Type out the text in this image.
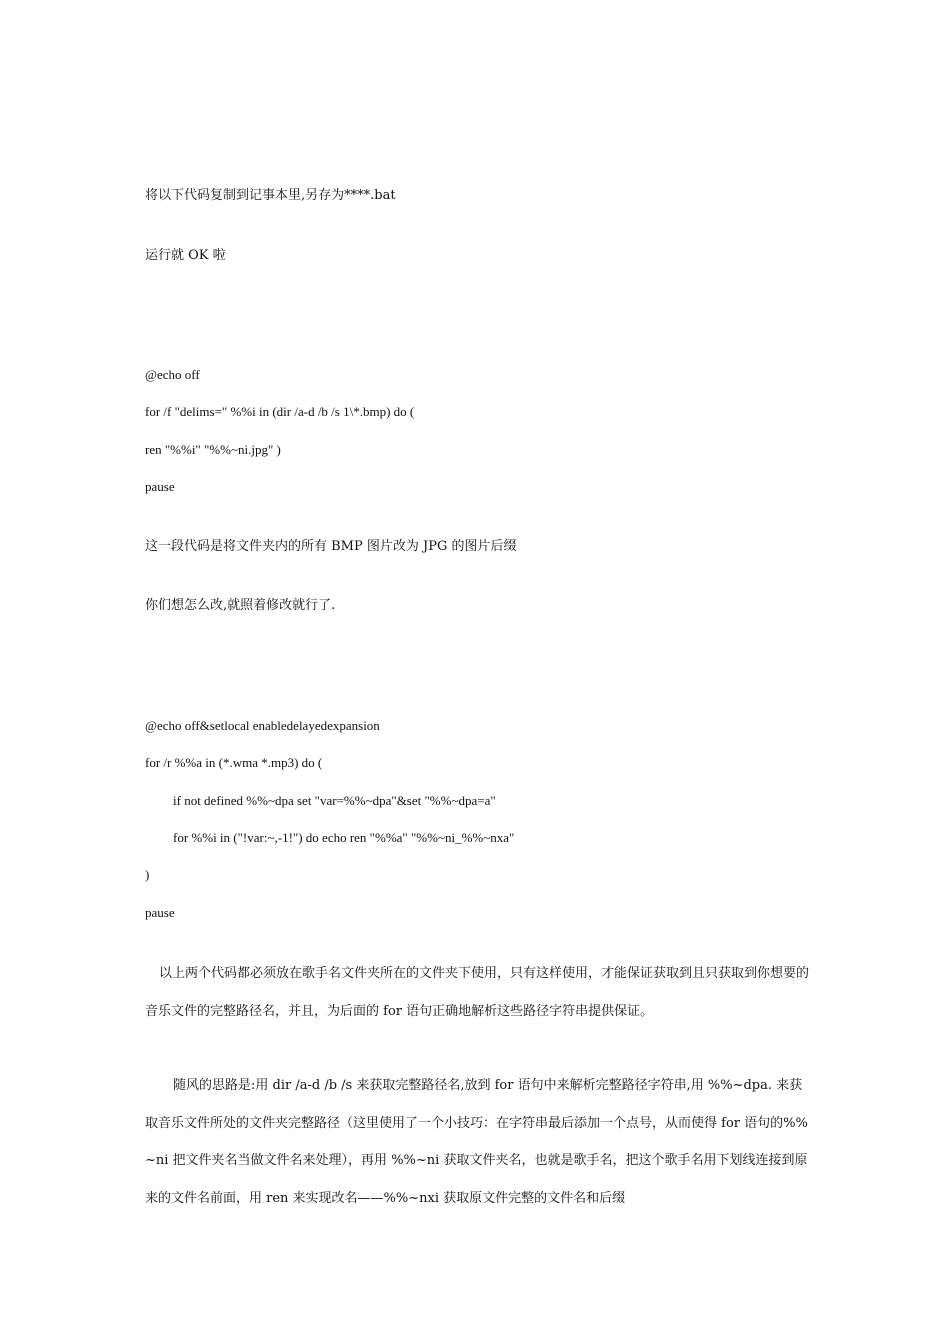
将以下代码复制到记事本里,另存为****.bat
运行就 OK 啦
@echo off
for /f "delims=" %%i in (dir /a-d /b /s 1\*.bmp) do (
ren "%%i" "%%~ni.jpg" )
pause
这一段代码是将文件夹内的所有 BMP 图片改为 JPG 的图片后缀
你们想怎么改,就照着修改就行了.
@echo off&setlocal enabledelayedexpansion
for /r %%a in (*.wma *.mp3) do (
if not defined %%~dpa set "var=%%~dpa"&set "%%~dpa=a"
for %%i in ("!var:~,-1!") do echo ren "%%a" "%%~ni_%%~nxa"
)
pause
以上两个代码都必须放在歌手名文件夹所在的文件夹下使用，只有这样使用，才能保证获取到且只获取到你想要的音乐文件的完整路径名，并且，为后面的 for 语句正确地解析这些路径字符串提供保证。
随风的思路是:用 dir /a-d /b /s 来获取完整路径名,放到 for 语句中来解析完整路径字符串,用 %%~dpa. 来获取音乐文件所处的文件夹完整路径（这里使用了一个小技巧：在字符串最后添加一个点号，从而使得 for 语句的%%~ni 把文件夹名当做文件名来处理），再用 %%~ni 获取文件夹名，也就是歌手名，把这个歌手名用下划线连接到原来的文件名前面，用 ren 来实现改名——%%~nxi 获取原文件完整的文件名和后缀
